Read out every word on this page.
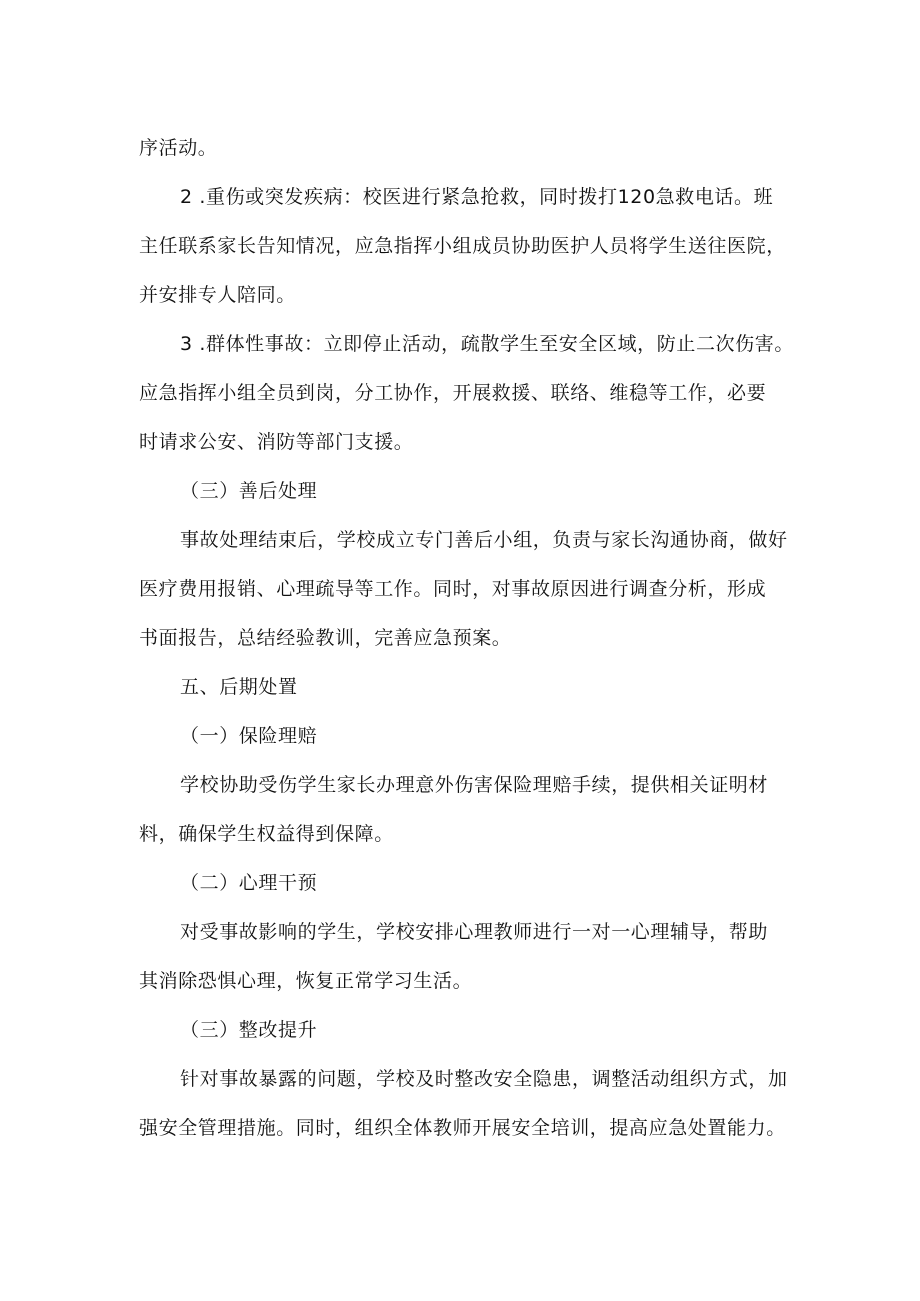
序活动。
2 .重伤或突发疾病：校医进行紧急抢救，同时拨打120急救电话。班
主任联系家长告知情况，应急指挥小组成员协助医护人员将学生送往医院，
并安排专人陪同。
3 .群体性事故：立即停止活动，疏散学生至安全区域，防止二次伤害。
应急指挥小组全员到岗，分工协作，开展救援、联络、维稳等工作，必要
时请求公安、消防等部门支援。
（三）善后处理
事故处理结束后，学校成立专门善后小组，负责与家长沟通协商，做好
医疗费用报销、心理疏导等工作。同时，对事故原因进行调查分析，形成
书面报告，总结经验教训，完善应急预案。
五、后期处置
（一）保险理赔
学校协助受伤学生家长办理意外伤害保险理赔手续，提供相关证明材
料，确保学生权益得到保障。
（二）心理干预
对受事故影响的学生，学校安排心理教师进行一对一心理辅导，帮助
其消除恐惧心理，恢复正常学习生活。
（三）整改提升
针对事故暴露的问题，学校及时整改安全隐患，调整活动组织方式，加
强安全管理措施。同时，组织全体教师开展安全培训，提高应急处置能力。
